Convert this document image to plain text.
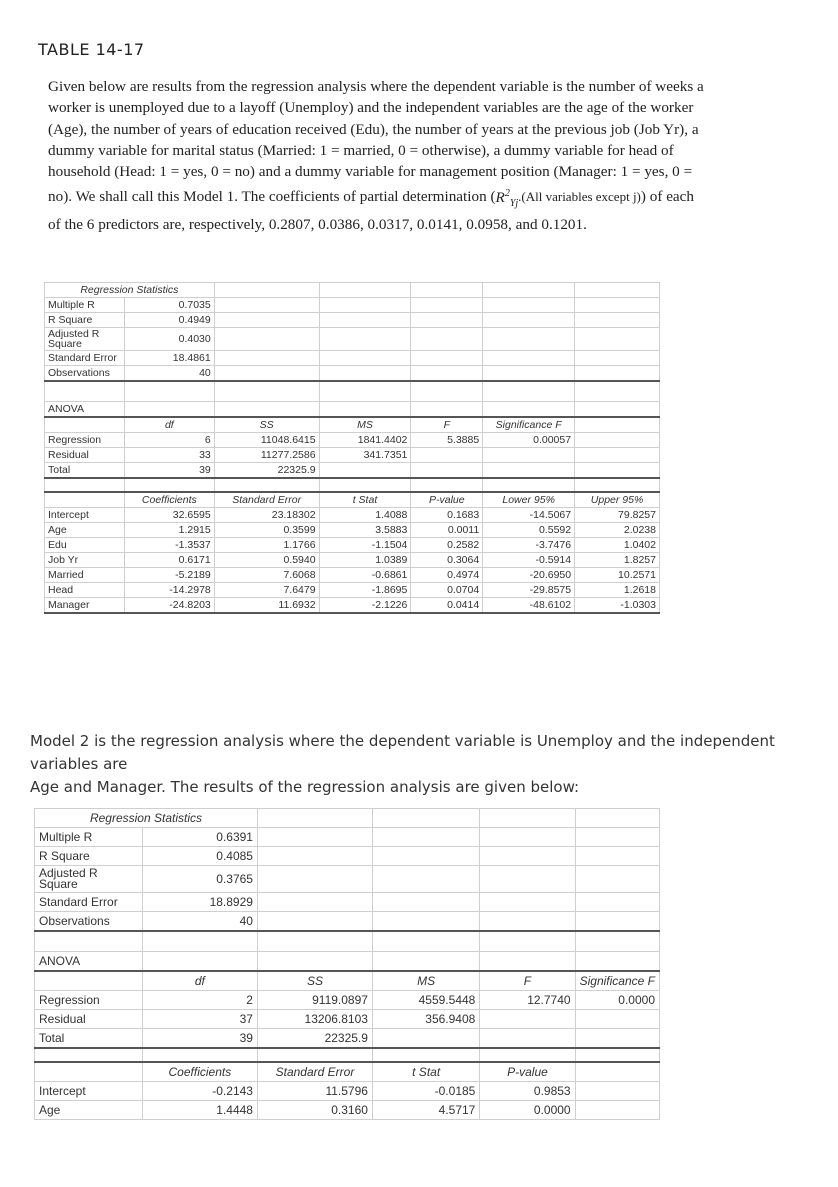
TABLE 14-17
Given below are results from the regression analysis where the dependent variable is the number of weeks a worker is unemployed due to a layoff (Unemploy) and the independent variables are the age of the worker (Age), the number of years of education received (Edu), the number of years at the previous job (Job Yr), a dummy variable for marital status (Married: 1 = married, 0 = otherwise), a dummy variable for head of household (Head: 1 = yes, 0 = no) and a dummy variable for management position (Manager: 1 = yes, 0 = no). We shall call this Model 1. The coefficients of partial determination ($R^2_{Yj}.(All$ variables except j)) of each of the 6 predictors are, respectively, 0.2807, 0.0386, 0.0317, 0.0141, 0.0958, and 0.1201.
Regression Statistics						
Multiple R	0.7035					
R Square	0.4949					
Adjusted R Square	0.4030					
Standard Error	18.4861					
Observations	40					

ANOVA						
	df	SS	MS	F	Significance F	
Regression	6	11048.6415	1841.4402	5.3885	0.00057	
Residual	33	11277.2586	341.7351			
Total	39	22325.9				

	Coefficients	Standard Error	t Stat	P-value	Lower 95%	Upper 95%
Intercept	32.6595	23.18302	1.4088	0.1683	-14.5067	79.8257
Age	1.2915	0.3599	3.5883	0.0011	0.5592	2.0238
Edu	-1.3537	1.1766	-1.1504	0.2582	-3.7476	1.0402
Job Yr	0.6171	0.5940	1.0389	0.3064	-0.5914	1.8257
Married	-5.2189	7.6068	-0.6861	0.4974	-20.6950	10.2571
Head	-14.2978	7.6479	-1.8695	0.0704	-29.8575	1.2618
Manager	-24.8203	11.6932	-2.1226	0.0414	-48.6102	-1.0303

Model 2 is the regression analysis where the dependent variable is Unemploy and the independent variables are

Age and Manager. The results of the regression analysis are given below:

Regression Statistics					
Multiple R	0.6391				
R Square	0.4085				
Adjusted R Square	0.3765				
Standard Error	18.8929				
Observations	40				

ANOVA					
	df	SS	MS	F	Significance F
Regression	2	9119.0897	4559.5448	12.7740	0.0000
Residual	37	13206.8103	356.9408		
Total	39	22325.9			

	Coefficients	Standard Error	t Stat	P-value	
Intercept	-0.2143	11.5796	-0.0185	0.9853	
Age	1.4448	0.3160	4.5717	0.0000	
